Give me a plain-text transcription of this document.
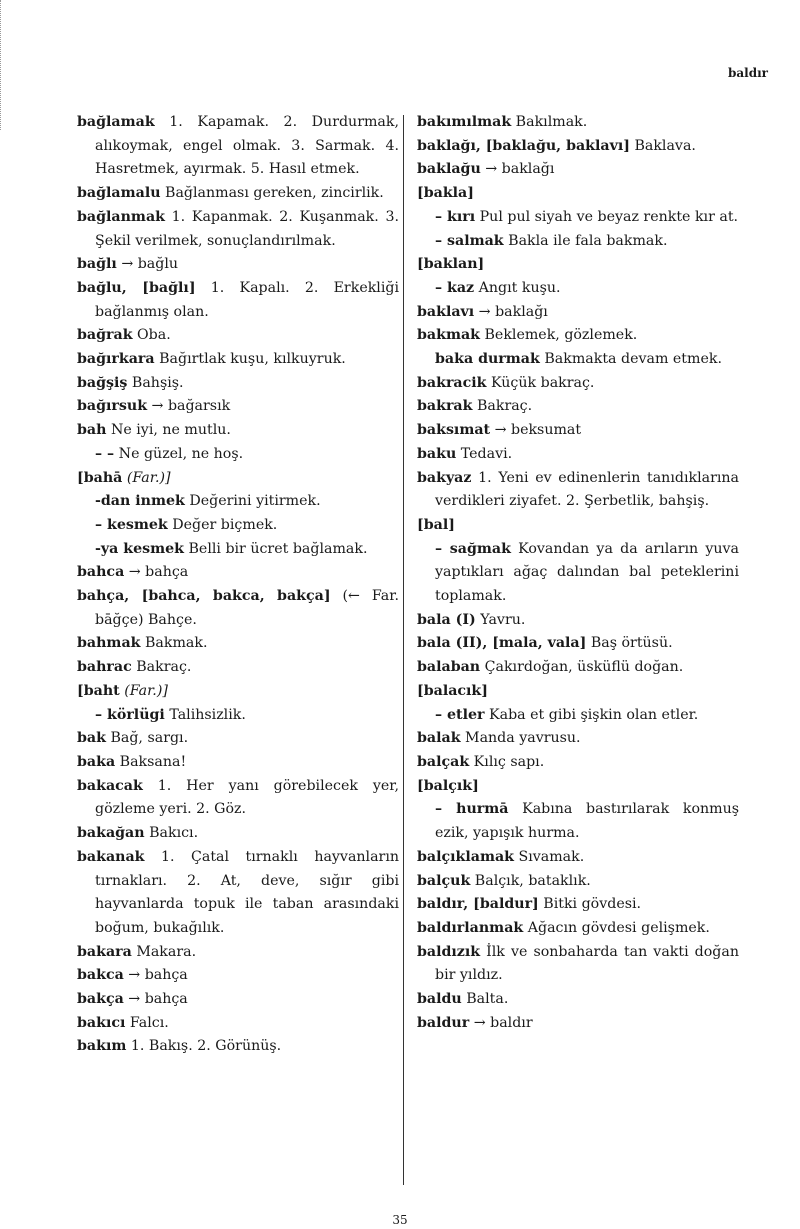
baldır

bağlamak 1. Kapamak. 2. Durdurmak, alıkoymak, engel olmak. 3. Sarmak. 4. Hasretmek, ayırmak. 5. Hasıl etmek.

bağlamalu Bağlanması gereken, zincirlik.

bağlanmak 1. Kapanmak. 2. Kuşanmak. 3. Şekil verilmek, sonuçlandırılmak.

bağlı → bağlu

bağlu, [bağlı] 1. Kapalı. 2. Erkekliği bağlanmış olan.

bağrak Oba.

bağırkara Bağırtlak kuşu, kılkuyruk.

bağşiş Bahşiş.

bağırsuk → bağarsık

bah Ne iyi, ne mutlu.

– – Ne güzel, ne hoş.

[bahā (Far.)]

-dan inmek Değerini yitirmek.

– kesmek Değer biçmek.

-ya kesmek Belli bir ücret bağlamak.

bahca → bahça

bahça, [bahca, bakca, bakça] (← Far. bāğçe) Bahçe.

bahmak Bakmak.

bahrac Bakraç.

[baht (Far.)]

– körlügi Talihsizlik.

bak Bağ, sargı.

baka Baksana!

bakacak 1. Her yanı görebilecek yer, gözleme yeri. 2. Göz.

bakağan Bakıcı.

bakanak 1. Çatal tırnaklı hayvanların tırnakları. 2. At, deve, sığır gibi hayvanlarda topuk ile taban arasındaki boğum, bukağılık.

bakara Makara.

bakca → bahça

bakça → bahça

bakıcı Falcı.

bakım 1. Bakış. 2. Görünüş.

bakımılmak Bakılmak.

baklağı, [baklağu, baklavı] Baklava.

baklağu → baklağı

[bakla]

– kırı Pul pul siyah ve beyaz renkte kır at.

– salmak Bakla ile fala bakmak.

[baklan]

– kaz Angıt kuşu.

baklavı → baklağı

bakmak Beklemek, gözlemek.

baka durmak Bakmakta devam etmek.

bakracik Küçük bakraç.

bakrak Bakraç.

baksımat → beksumat

baku Tedavi.

bakyaz 1. Yeni ev edinenlerin tanıdıklarına verdikleri ziyafet. 2. Şerbetlik, bahşiş.

[bal]

– sağmak Kovandan ya da arıların yuva yaptıkları ağaç dalından bal peteklerini toplamak.

bala (I) Yavru.

bala (II), [mala, vala] Baş örtüsü.

balaban Çakırdoğan, üsküflü doğan.

[balacık]

– etler Kaba et gibi şişkin olan etler.

balak Manda yavrusu.

balçak Kılıç sapı.

[balçık]

– hurmā Kabına bastırılarak konmuş ezik, yapışık hurma.

balçıklamak Sıvamak.

balçuk Balçık, bataklık.

baldır, [baldur] Bitki gövdesi.

baldırlanmak Ağacın gövdesi gelişmek.

baldızık İlk ve sonbaharda tan vakti doğan bir yıldız.

baldu Balta.

baldur → baldır

35
